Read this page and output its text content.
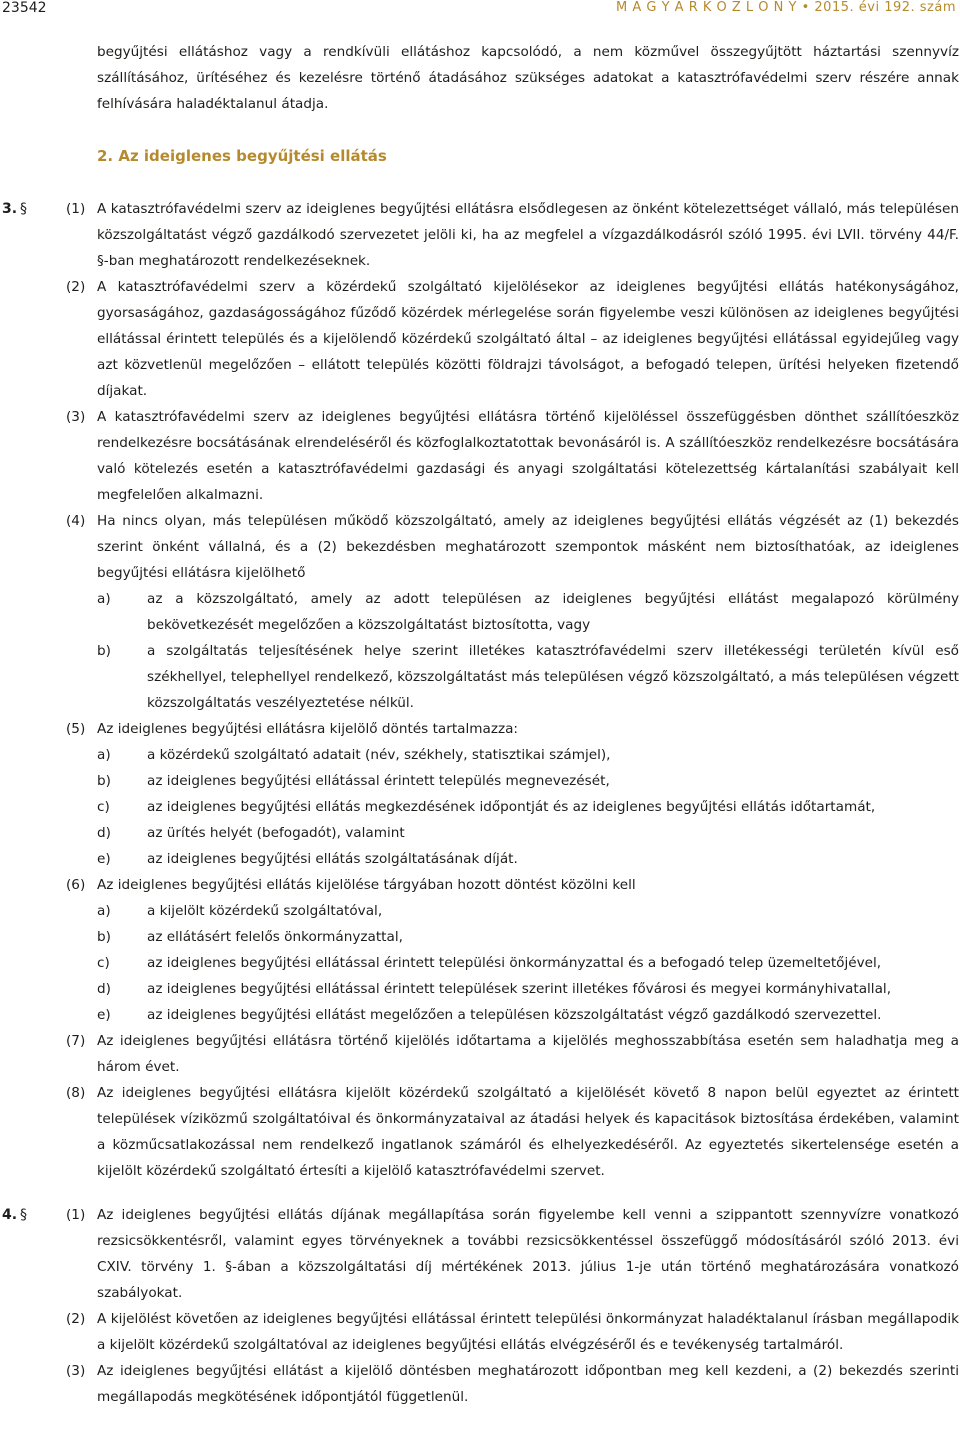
23542	M A G Y A R K Ö Z L Ö N Y • 2015. évi 192. szám

begyűjtési ellátáshoz vagy a rendkívüli ellátáshoz kapcsolódó, a nem közművel összegyűjtött háztartási szennyvíz szállításához, ürítéséhez és kezelésre történő átadásához szükséges adatokat a katasztrófavédelmi szerv részére annak felhívására haladéktalanul átadja.

2. Az ideiglenes begyűjtési ellátás
3. §	(1) A katasztrófavédelmi szerv az ideiglenes begyűjtési ellátásra elsődlegesen az önként kötelezettséget vállaló, más településen közszolgáltatást végző gazdálkodó szervezetet jelöli ki, ha az megfelel a vízgazdálkodásról szóló 1995. évi LVII. törvény 44/F. §-ban meghatározott rendelkezéseknek.
(2) A katasztrófavédelmi szerv a közérdekű szolgáltató kijelölésekor az ideiglenes begyűjtési ellátás hatékonyságához, gyorsaságához, gazdaságosságához fűződő közérdek mérlegelése során figyelembe veszi különösen az ideiglenes begyűjtési ellátással érintett település és a kijelölendő közérdekű szolgáltató által – az ideiglenes begyűjtési ellátással egyidejűleg vagy azt közvetlenül megelőzően – ellátott település közötti földrajzi távolságot, a befogadó telepen, ürítési helyeken fizetendő díjakat.
(3) A katasztrófavédelmi szerv az ideiglenes begyűjtési ellátásra történő kijelöléssel összefüggésben dönthet szállítóeszköz rendelkezésre bocsátásának elrendeléséről és közfoglalkoztatottak bevonásáról is. A szállítóeszköz rendelkezésre bocsátására való kötelezés esetén a katasztrófavédelmi gazdasági és anyagi szolgáltatási kötelezettség kártalanítási szabályait kell megfelelően alkalmazni.
(4) Ha nincs olyan, más településen működő közszolgáltató, amely az ideiglenes begyűjtési ellátás végzését az (1) bekezdés szerint önként vállalná, és a (2) bekezdésben meghatározott szempontok másként nem biztosíthatóak, az ideiglenes begyűjtési ellátásra kijelölhető
a)	az a közszolgáltató, amely az adott településen az ideiglenes begyűjtési ellátást megalapozó körülmény bekövetkezését megelőzően a közszolgáltatást biztosította, vagy
b)	a szolgáltatás teljesítésének helye szerint illetékes katasztrófavédelmi szerv illetékességi területén kívül eső székhellyel, telephellyel rendelkező, közszolgáltatást más településen végző közszolgáltató, a más településen végzett közszolgáltatás veszélyeztetése nélkül.
(5) Az ideiglenes begyűjtési ellátásra kijelölő döntés tartalmazza:
a)	a közérdekű szolgáltató adatait (név, székhely, statisztikai számjel),
b)	az ideiglenes begyűjtési ellátással érintett település megnevezését,
c)	az ideiglenes begyűjtési ellátás megkezdésének időpontját és az ideiglenes begyűjtési ellátás időtartamát,
d)	az ürítés helyét (befogadót), valamint
e)	az ideiglenes begyűjtési ellátás szolgáltatásának díját.
(6) Az ideiglenes begyűjtési ellátás kijelölése tárgyában hozott döntést közölni kell
a)	a kijelölt közérdekű szolgáltatóval,
b)	az ellátásért felelős önkormányzattal,
c)	az ideiglenes begyűjtési ellátással érintett települési önkormányzattal és a befogadó telep üzemeltetőjével,
d)	az ideiglenes begyűjtési ellátással érintett települések szerint illetékes fővárosi és megyei kormányhivatallal,
e)	az ideiglenes begyűjtési ellátást megelőzően a településen közszolgáltatást végző gazdálkodó szervezettel.
(7) Az ideiglenes begyűjtési ellátásra történő kijelölés időtartama a kijelölés meghosszabbítása esetén sem haladhatja meg a három évet.
(8) Az ideiglenes begyűjtési ellátásra kijelölt közérdekű szolgáltató a kijelölését követő 8 napon belül egyeztet az érintett települések víziközmű szolgáltatóival és önkormányzataival az átadási helyek és kapacitások biztosítása érdekében, valamint a közműcsatlakozással nem rendelkező ingatlanok számáról és elhelyezkedéséről. Az egyeztetés sikertelensége esetén a kijelölt közérdekű szolgáltató értesíti a kijelölő katasztrófavédelmi szervet.
4. §	(1) Az ideiglenes begyűjtési ellátás díjának megállapítása során figyelembe kell venni a szippantott szennyvízre vonatkozó rezsicsökkentésről, valamint egyes törvényeknek a további rezsicsökkentéssel összefüggő módosításáról szóló 2013. évi CXIV. törvény 1. §-ában a közszolgáltatási díj mértékének 2013. július 1-je után történő meghatározására vonatkozó szabályokat.
(2) A kijelölést követően az ideiglenes begyűjtési ellátással érintett települési önkormányzat haladéktalanul írásban megállapodik a kijelölt közérdekű szolgáltatóval az ideiglenes begyűjtési ellátás elvégzéséről és e tevékenység tartalmáról.
(3) Az ideiglenes begyűjtési ellátást a kijelölő döntésben meghatározott időpontban meg kell kezdeni, a (2) bekezdés szerinti megállapodás megkötésének időpontjától függetlenül.
